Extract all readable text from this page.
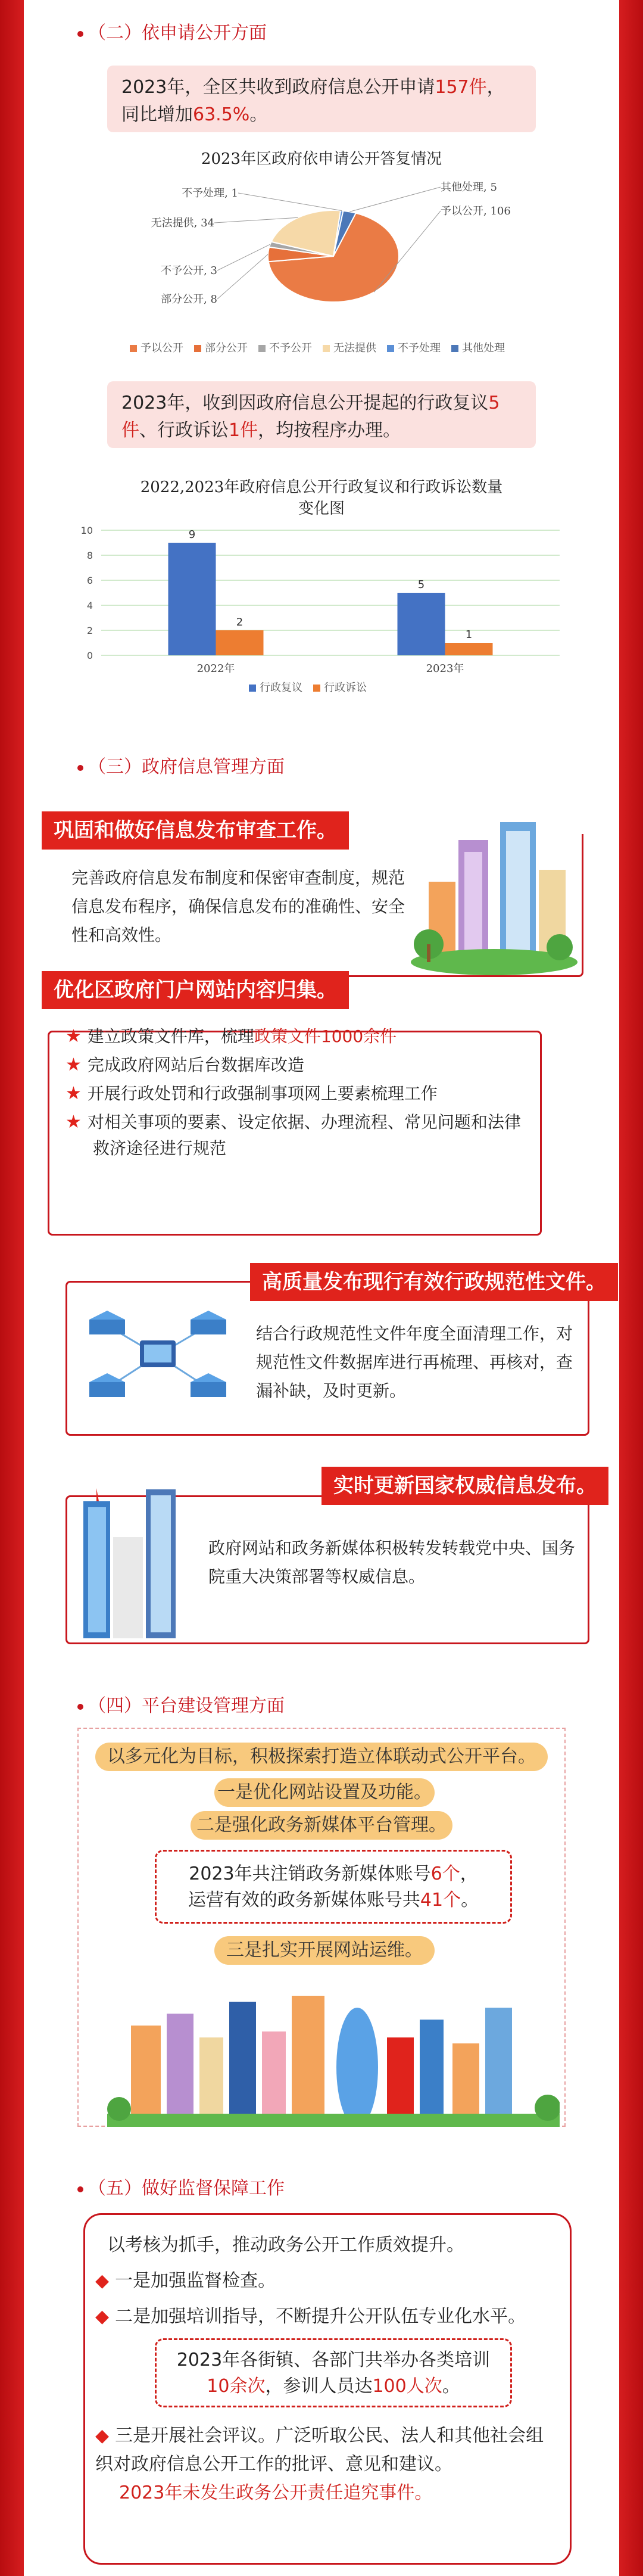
（二）依申请公开方面
2023年，全区共收到政府信息公开申请157件，同比增加63.5%。
2023年区政府依申请公开答复情况
予以公开, 106
部分公开, 8
不予公开, 3
无法提供, 34
不予处理, 1	其他处理, 5
予以公开 部分公开 不予公开 无法提供 不予处理 其他处理
2023年，收到因政府信息公开提起的行政复议5件、行政诉讼1件，均按程序办理。
2022,2023年政府信息公开行政复议和行政诉讼数量变化图
0
2
4
6
8
10	9
2
2022年
5
1
2023年
行政复议 行政诉讼
（三）政府信息管理方面
巩固和做好信息发布审查工作。
完善政府信息发布制度和保密审查制度，规范信息发布程序，确保信息发布的准确性、安全性和高效性。
优化区政府门户网站内容归集。
★ 建立政策文件库，梳理政策文件1000余件
★ 完成政府网站后台数据库改造
★ 开展行政处罚和行政强制事项网上要素梳理工作
★ 对相关事项的要素、设定依据、办理流程、常见问题和法律救济途径进行规范
高质量发布现行有效行政规范性文件。
结合行政规范性文件年度全面清理工作，对规范性文件数据库进行再梳理、再核对，查漏补缺，及时更新。
实时更新国家权威信息发布。
政府网站和政务新媒体积极转发转载党中央、国务院重大决策部署等权威信息。
（四）平台建设管理方面
以多元化为目标，积极探索打造立体联动式公开平台。
一是优化网站设置及功能。
二是强化政务新媒体平台管理。
2023年共注销政务新媒体账号6个，
运营有效的政务新媒体账号共41个。
三是扎实开展网站运维。
（五）做好监督保障工作
以考核为抓手，推动政务公开工作质效提升。
◆ 一是加强监督检查。
◆ 二是加强培训指导，不断提升公开队伍专业化水平。
2023年各街镇、各部门共举办各类培训
10余次，参训人员达100人次。
◆ 三是开展社会评议。广泛听取公民、法人和其他社会组织对政府信息公开工作的批评、意见和建议。
2023年未发生政务公开责任追究事件。
